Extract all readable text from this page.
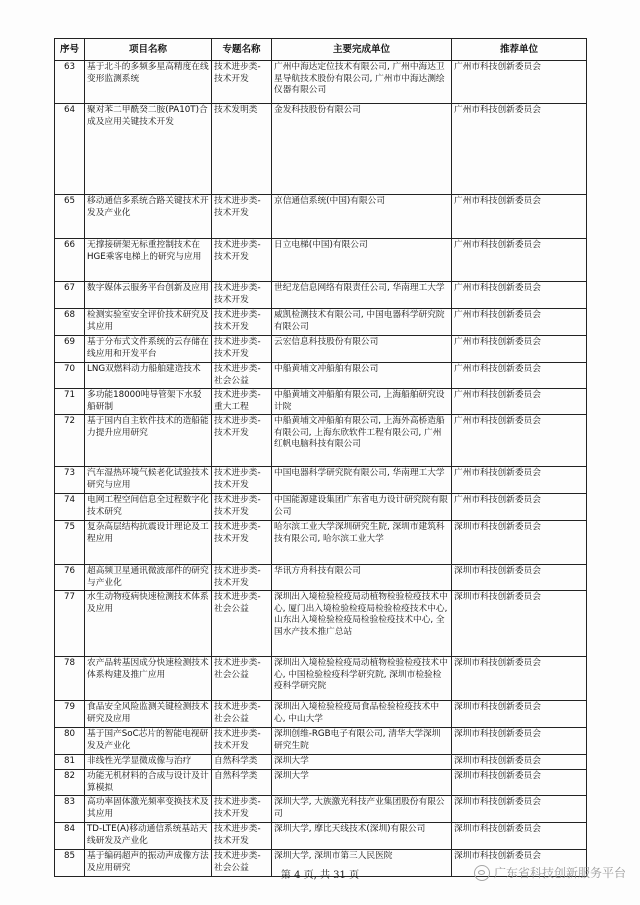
序号	项目名称	专题名称	主要完成单位	推荐单位
63	基于北斗的多频多星高精度在线变形监测系统	技术进步类-技术开发	广州中海达定位技术有限公司, 广州中海达卫星导航技术股份有限公司, 广州市中海达测绘仪器有限公司	广州市科技创新委员会
64	聚对苯二甲酰癸二胺(PA10T)合成及应用关键技术开发	技术发明类	金发科技股份有限公司	广州市科技创新委员会
65	移动通信多系统合路关键技术开发及产业化	技术进步类-技术开发	京信通信系统(中国)有限公司	广州市科技创新委员会
66	无撑接研架无标重控制技术在HGE乘客电梯上的研究与应用	技术进步类-技术开发	日立电梯(中国)有限公司	广州市科技创新委员会
67	数字媒体云服务平台创新及应用	技术进步类-技术开发	世纪龙信息网络有限责任公司, 华南理工大学	广州市科技创新委员会
68	检测实验室安全评价技术研究及其应用	技术进步类-技术开发	威凯检测技术有限公司, 中国电器科学研究院有限公司	广州市科技创新委员会
69	基于分布式文件系统的云存储在线应用和开发平台	技术进步类-技术开发	云宏信息科技股份有限公司	广州市科技创新委员会
70	LNG双燃料动力船舶建造技术	技术进步类-社会公益	中船黄埔文冲船舶有限公司	广州市科技创新委员会
71	多功能18000吨导管架下水驳船研制	技术进步类-重大工程	中船黄埔文冲船舶有限公司, 上海船舶研究设计院	广州市科技创新委员会
72	基于国内自主软件技术的造船能力提升应用研究	技术进步类-技术开发	中船黄埔文冲船舶有限公司, 上海外高桥造船有限公司, 上海东欣软件工程有限公司, 广州红帆电脑科技有限公司	广州市科技创新委员会
73	汽车湿热环境气候老化试验技术研究与应用	技术进步类-技术开发	中国电器科学研究院有限公司, 华南理工大学	广州市科技创新委员会
74	电网工程空间信息全过程数字化技术研究	技术进步类-技术开发	中国能源建设集团广东省电力设计研究院有限公司	广州市科技创新委员会
75	复杂高层结构抗震设计理论及工程应用	技术进步类-技术开发	哈尔滨工业大学深圳研究生院, 深圳市建筑科技有限公司, 哈尔滨工业大学	深圳市科技创新委员会
76	超高频卫星通讯微波部件的研究与产业化	技术进步类-技术开发	华讯方舟科技有限公司	深圳市科技创新委员会
77	水生动物疫病快速检测技术体系及应用	技术进步类-社会公益	深圳出入境检验检疫局动植物检验检疫技术中心, 厦门出入境检验检疫局检验检疫技术中心, 山东出入境检验检疫局检验检疫技术中心, 全国水产技术推广总站	深圳市科技创新委员会
78	农产品转基因成分快速检测技术体系构建及推广应用	技术进步类-社会公益	深圳出入境检验检疫局动植物检验检疫技术中心, 中国检验检疫科学研究院, 深圳市检验检疫科学研究院	深圳市科技创新委员会
79	食品安全风险监测关键检测技术研究及应用	技术进步类-社会公益	深圳出入境检验检疫局食品检验检疫技术中心, 中山大学	深圳市科技创新委员会
80	基于国产SoC芯片的智能电视研发及产业化	技术进步类-技术开发	深圳创维-RGB电子有限公司, 清华大学深圳研究生院	深圳市科技创新委员会
81	非线性光学显微成像与治疗	自然科学类	深圳大学	深圳市科技创新委员会
82	功能无机材料的合成与设计及计算模拟	自然科学类	深圳大学	深圳市科技创新委员会
83	高功率固体激光频率变换技术及其应用	技术进步类-技术开发	深圳大学, 大族激光科技产业集团股份有限公司	深圳市科技创新委员会
84	TD-LTE(A)移动通信系统基站天线研发及产业化	技术进步类-技术开发	深圳大学, 摩比天线技术(深圳)有限公司	深圳市科技创新委员会
85	基于编码超声的振动声成像方法及应用研究	技术进步类-社会公益	深圳大学, 深圳市第三人民医院	深圳市科技创新委员会
第 4 页, 共 31 页	广东省科技创新服务平台
